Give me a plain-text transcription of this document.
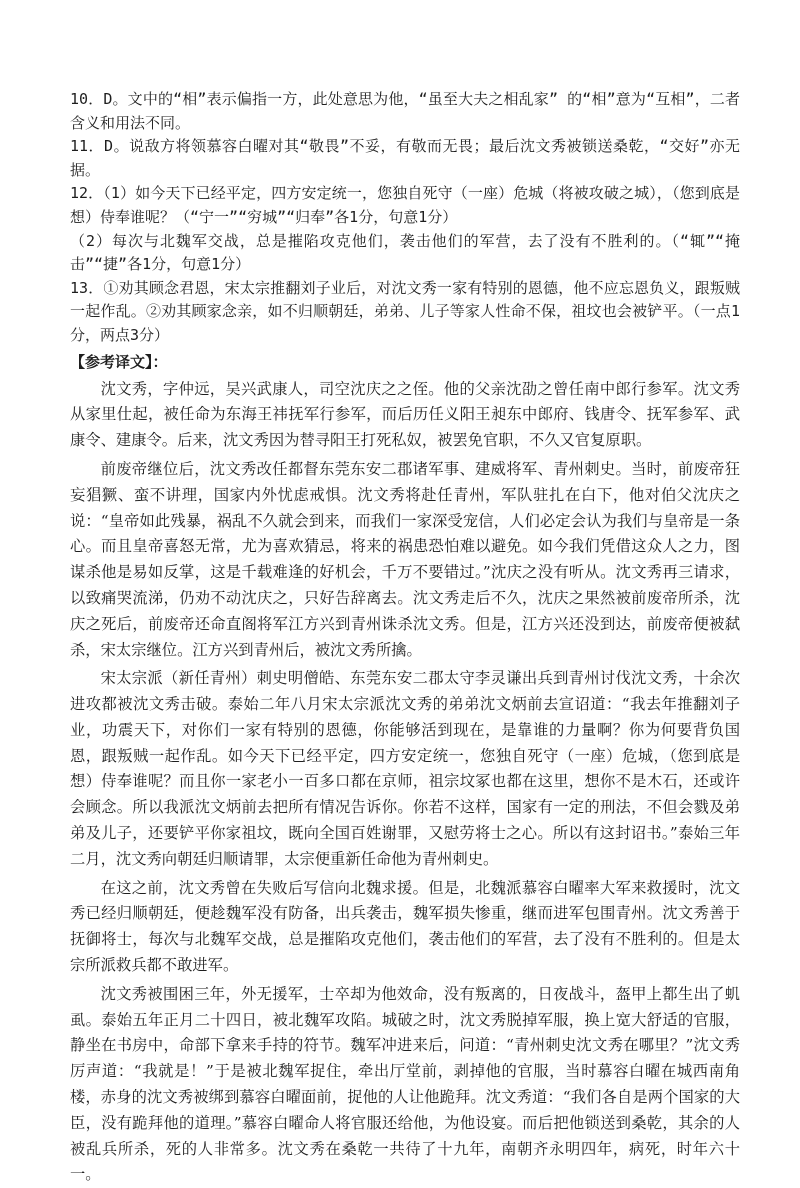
10．D。文中的“相”表示偏指一方，此处意思为他，“虽至大夫之相乱家” 的“相”意为“互相”，二者含义和用法不同。

11．D。说敌方将领慕容白曜对其“敬畏”不妥，有敬而无畏；最后沈文秀被锁送桑乾，“交好”亦无据。

12．（1）如今天下已经平定，四方安定统一，您独自死守（一座）危城（将被攻破之城），（您到底是想）侍奉谁呢？（“宁一”“穷城”“归奉”各1分，句意1分）

（2）每次与北魏军交战，总是摧陷攻克他们，袭击他们的军营，去了没有不胜利的。（“辄”“掩击”“捷”各1分，句意1分）

13．①劝其顾念君恩，宋太宗推翻刘子业后，对沈文秀一家有特别的恩德，他不应忘恩负义，跟叛贼一起作乱。②劝其顾家念亲，如不归顺朝廷，弟弟、儿子等家人性命不保，祖坟也会被铲平。（一点1分，两点3分）

【参考译文】：

沈文秀，字仲远，吴兴武康人，司空沈庆之之侄。他的父亲沈劭之曾任南中郎行参军。沈文秀从家里仕起，被任命为东海王祎抚军行参军，而后历任义阳王昶东中郎府、钱唐令、抚军参军、武康令、建康令。后来，沈文秀因为替寻阳王打死私奴，被罢免官职，不久又官复原职。

前废帝继位后，沈文秀改任都督东莞东安二郡诸军事、建威将军、青州刺史。当时，前废帝狂妄猖獗、蛮不讲理，国家内外忧虑戒惧。沈文秀将赴任青州，军队驻扎在白下，他对伯父沈庆之说：“皇帝如此残暴，祸乱不久就会到来，而我们一家深受宠信，人们必定会认为我们与皇帝是一条心。而且皇帝喜怒无常，尤为喜欢猜忌，将来的祸患恐怕难以避免。如今我们凭借这众人之力，图谋杀他是易如反掌，这是千载难逢的好机会，千万不要错过。”沈庆之没有听从。沈文秀再三请求，以致痛哭流涕，仍劝不动沈庆之，只好告辞离去。沈文秀走后不久，沈庆之果然被前废帝所杀，沈庆之死后，前废帝还命直阁将军江方兴到青州诛杀沈文秀。但是，江方兴还没到达，前废帝便被弑杀，宋太宗继位。江方兴到青州后，被沈文秀所擒。

宋太宗派（新任青州）刺史明僧皓、东莞东安二郡太守李灵谦出兵到青州讨伐沈文秀，十余次进攻都被沈文秀击破。泰始二年八月宋太宗派沈文秀的弟弟沈文炳前去宣诏道：“我去年推翻刘子业，功震天下，对你们一家有特别的恩德，你能够活到现在，是靠谁的力量啊？你为何要背负国恩，跟叛贼一起作乱。如今天下已经平定，四方安定统一，您独自死守（一座）危城，（您到底是想）侍奉谁呢？而且你一家老小一百多口都在京师，祖宗坟冢也都在这里，想你不是木石，还或许会顾念。所以我派沈文炳前去把所有情况告诉你。你若不这样，国家有一定的刑法，不但会戮及弟弟及儿子，还要铲平你家祖坟，既向全国百姓谢罪，又慰劳将士之心。所以有这封诏书。”泰始三年二月，沈文秀向朝廷归顺请罪，太宗便重新任命他为青州刺史。

在这之前，沈文秀曾在失败后写信向北魏求援。但是，北魏派慕容白曜率大军来救援时，沈文秀已经归顺朝廷，便趁魏军没有防备，出兵袭击，魏军损失惨重，继而进军包围青州。沈文秀善于抚御将士，每次与北魏军交战，总是摧陷攻克他们，袭击他们的军营，去了没有不胜利的。但是太宗所派救兵都不敢进军。

沈文秀被围困三年，外无援军，士卒却为他效命，没有叛离的，日夜战斗，盔甲上都生出了虮虱。泰始五年正月二十四日，被北魏军攻陷。城破之时，沈文秀脱掉军服，换上宽大舒适的官服，静坐在书房中，命部下拿来手持的符节。魏军冲进来后，问道：“青州刺史沈文秀在哪里？”沈文秀厉声道：“我就是！”于是被北魏军捉住，牵出厅堂前，剥掉他的官服，当时慕容白曜在城西南角楼，赤身的沈文秀被绑到慕容白曜面前，捉他的人让他跪拜。沈文秀道：“我们各自是两个国家的大臣，没有跪拜他的道理。”慕容白曜命人将官服还给他，为他设宴。而后把他锁送到桑乾，其余的人被乱兵所杀，死的人非常多。沈文秀在桑乾一共待了十九年，南朝齐永明四年，病死，时年六十一。
